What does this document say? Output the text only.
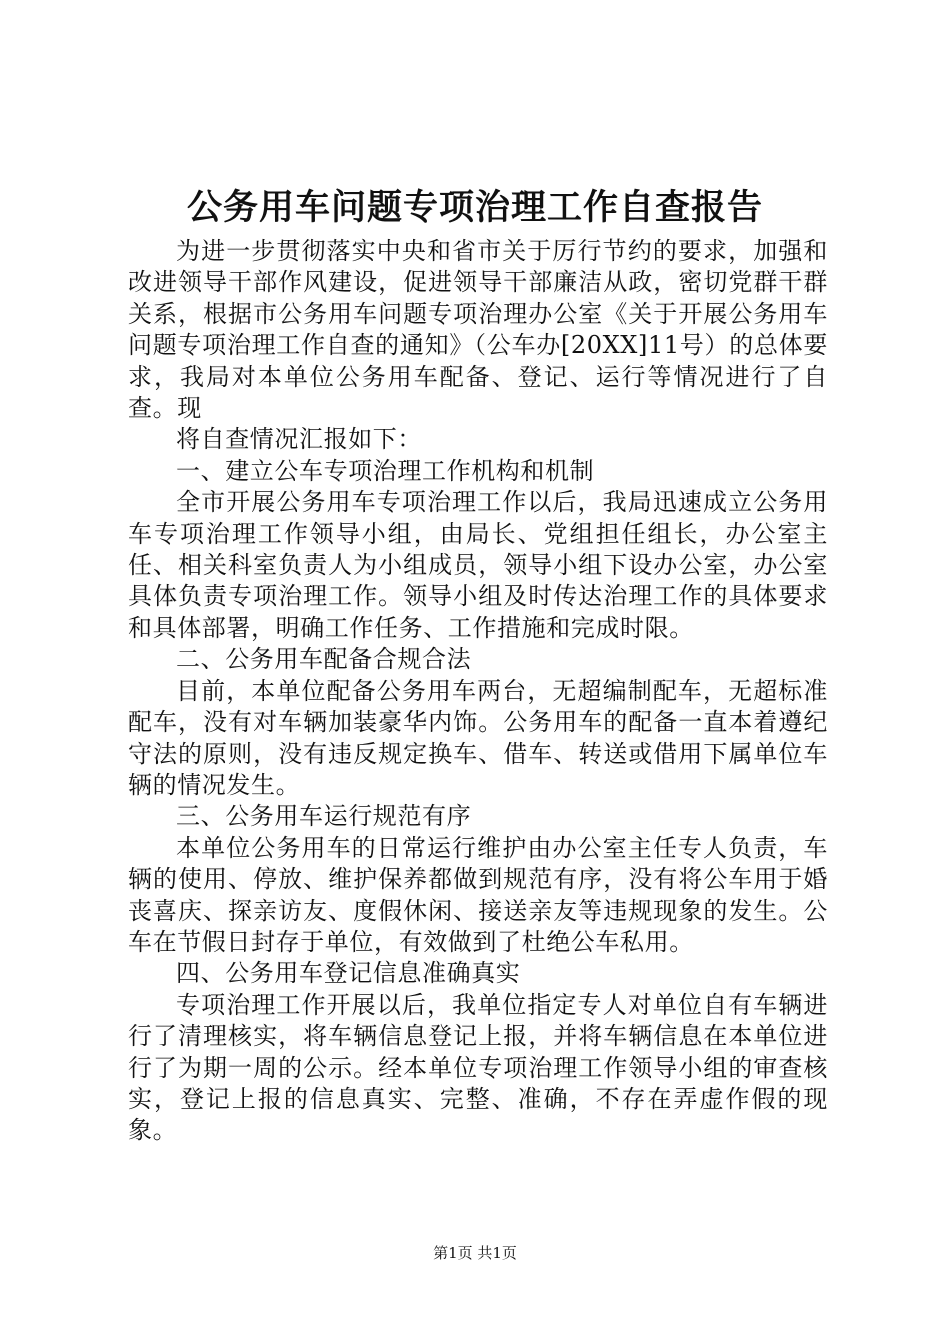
公务用车问题专项治理工作自查报告

为进一步贯彻落实中央和省市关于厉行节约的要求，加强和改进领导干部作风建设，促进领导干部廉洁从政，密切党群干群关系，根据市公务用车问题专项治理办公室《关于开展公务用车问题专项治理工作自查的通知》（公车办[20XX]11号）的总体要求，我局对本单位公务用车配备、登记、运行等情况进行了自查。现

将自查情况汇报如下：

一、建立公车专项治理工作机构和机制

全市开展公务用车专项治理工作以后，我局迅速成立公务用车专项治理工作领导小组，由局长、党组担任组长，办公室主任、相关科室负责人为小组成员，领导小组下设办公室，办公室具体负责专项治理工作。领导小组及时传达治理工作的具体要求和具体部署，明确工作任务、工作措施和完成时限。

二、公务用车配备合规合法

目前，本单位配备公务用车两台，无超编制配车，无超标准配车，没有对车辆加装豪华内饰。公务用车的配备一直本着遵纪守法的原则，没有违反规定换车、借车、转送或借用下属单位车辆的情况发生。

三、公务用车运行规范有序

本单位公务用车的日常运行维护由办公室主任专人负责，车辆的使用、停放、维护保养都做到规范有序，没有将公车用于婚丧喜庆、探亲访友、度假休闲、接送亲友等违规现象的发生。公车在节假日封存于单位，有效做到了杜绝公车私用。

四、公务用车登记信息准确真实

专项治理工作开展以后，我单位指定专人对单位自有车辆进行了清理核实，将车辆信息登记上报，并将车辆信息在本单位进行了为期一周的公示。经本单位专项治理工作领导小组的审查核实，登记上报的信息真实、完整、准确，不存在弄虚作假的现象。

第1页 共1页
